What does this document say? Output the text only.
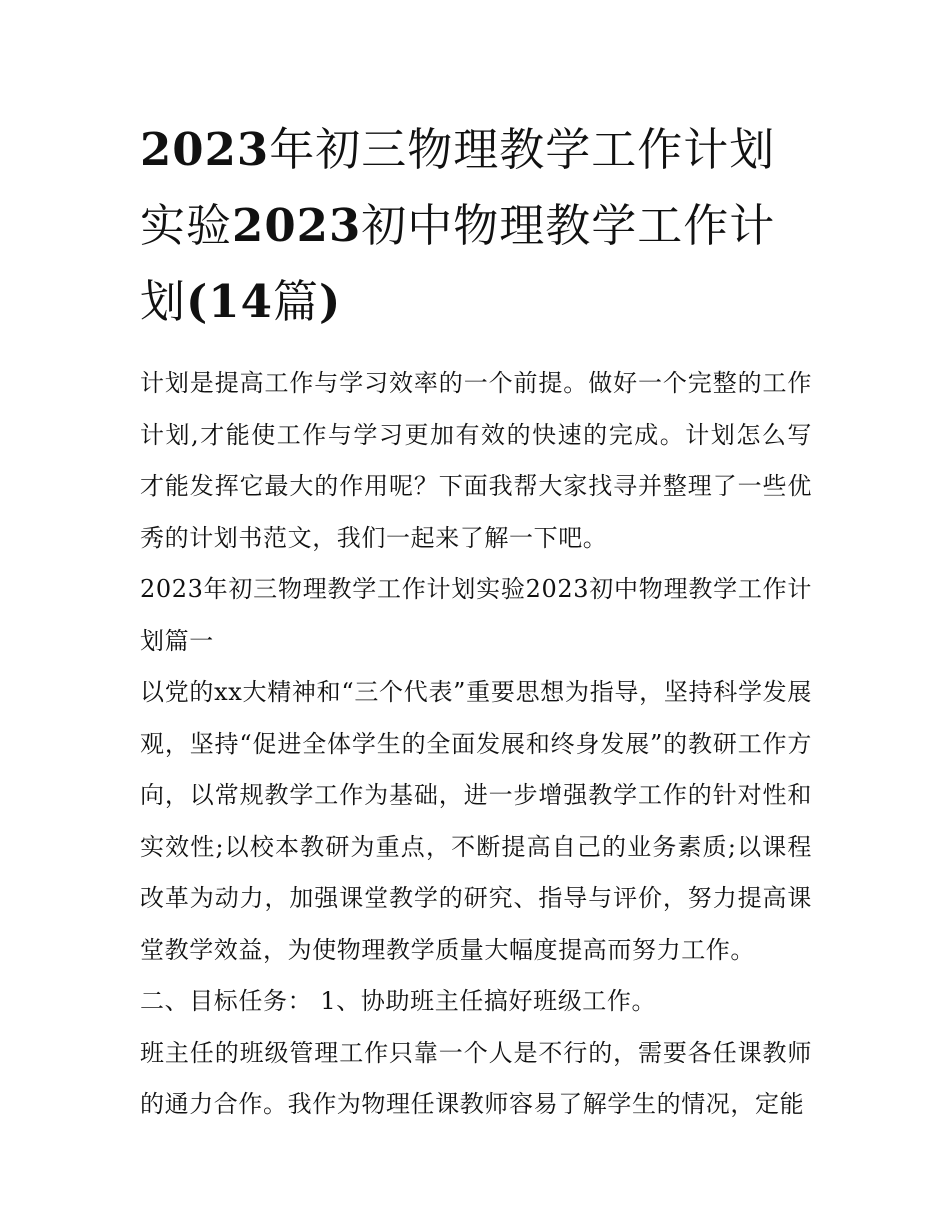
2023年初三物理教学工作计划实验2023初中物理教学工作计划(14篇)

计划是提高工作与学习效率的一个前提。做好一个完整的工作计划,才能使工作与学习更加有效的快速的完成。计划怎么写才能发挥它最大的作用呢？下面我帮大家找寻并整理了一些优秀的计划书范文，我们一起来了解一下吧。

2023年初三物理教学工作计划实验2023初中物理教学工作计划篇一

以党的xx大精神和“三个代表”重要思想为指导，坚持科学发展观，坚持“促进全体学生的全面发展和终身发展”的教研工作方向，以常规教学工作为基础，进一步增强教学工作的针对性和实效性;以校本教研为重点，不断提高自己的业务素质;以课程改革为动力，加强课堂教学的研究、指导与评价，努力提高课堂教学效益，为使物理教学质量大幅度提高而努力工作。

二、目标任务： 1、协助班主任搞好班级工作。

班主任的班级管理工作只靠一个人是不行的，需要各任课教师的通力合作。我作为物理任课教师容易了解学生的情况，定能
